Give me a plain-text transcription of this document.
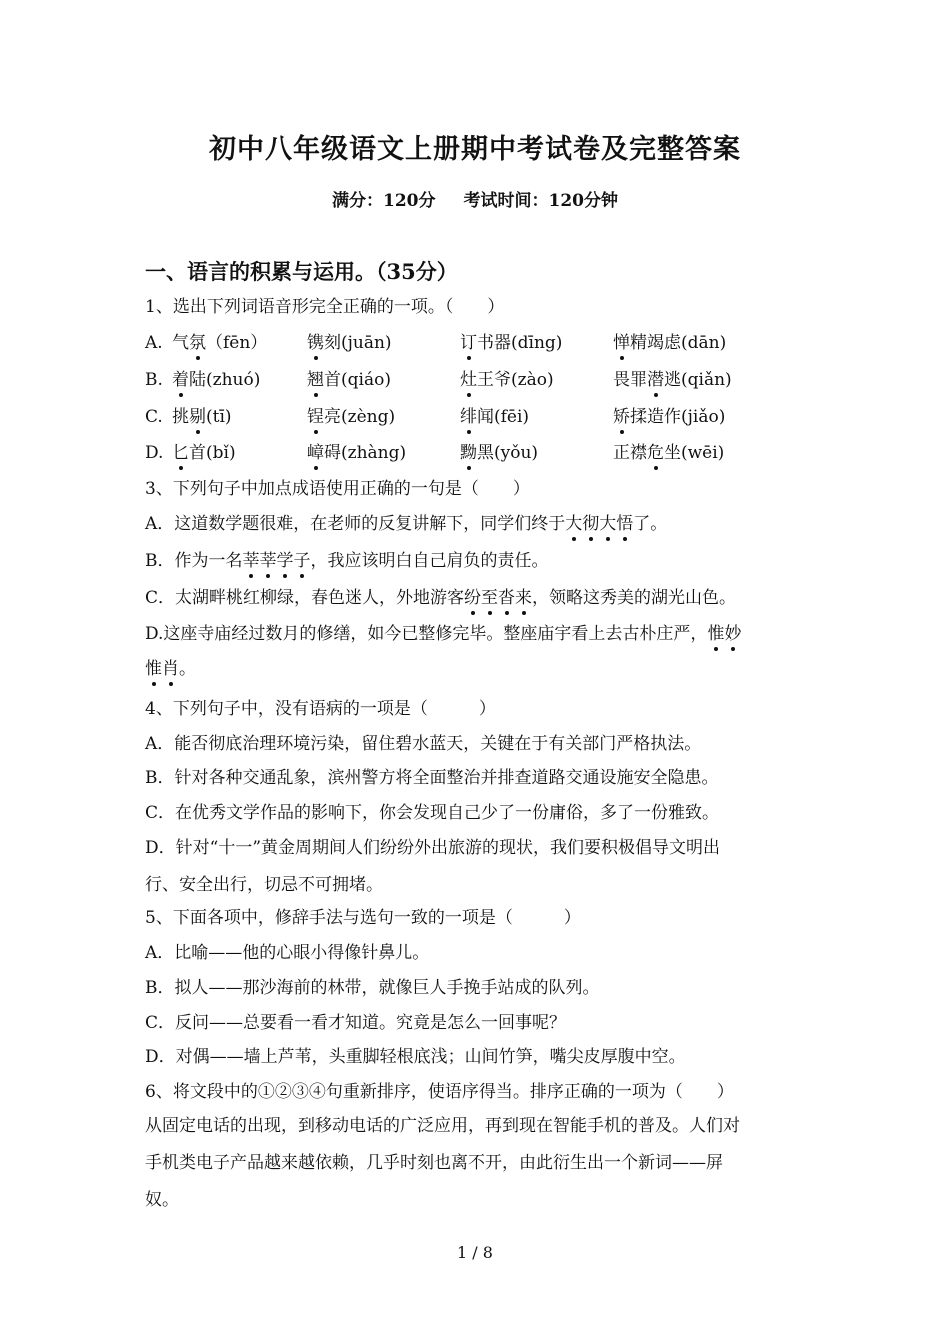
初中八年级语文上册期中考试卷及完整答案
满分：120分 考试时间：120分钟
一、语言的积累与运用。（35分）
1、选出下列词语音形完全正确的一项。（　　）
A. 气氛（fēn） 镌刻(juān)	订书器(dīng)	惮精竭虑(dān)
B. 着陆(zhuó)	翘首(qiáo)	灶王爷(zào)	畏罪潜逃(qiǎn)
C. 挑剔(tī)	锃亮(zèng)	绯闻(fēi)	矫揉造作(jiǎo)
D. 匕首(bǐ)	嶂碍(zhàng)	黝黑(yǒu)	正襟危坐(wēi)
3、下列句子中加点成语使用正确的一句是（　　）
A．这道数学题很难，在老师的反复讲解下，同学们终于大彻大悟了。
B．作为一名莘莘学子，我应该明白自己肩负的责任。
C．太湖畔桃红柳绿，春色迷人，外地游客纷至沓来，领略这秀美的湖光山色。
D.这座寺庙经过数月的修缮，如今已整修完毕。整座庙宇看上去古朴庄严，惟妙
惟肖。
4、下列句子中，没有语病的一项是（　　　）
A．能否彻底治理环境污染，留住碧水蓝天，关键在于有关部门严格执法。
B．针对各种交通乱象，滨州警方将全面整治并排查道路交通设施安全隐患。
C．在优秀文学作品的影响下，你会发现自己少了一份庸俗，多了一份雅致。
D．针对“十一”黄金周期间人们纷纷外出旅游的现状，我们要积极倡导文明出
行、安全出行，切忌不可拥堵。
5、下面各项中，修辞手法与选句一致的一项是（　　　）
A．比喻——他的心眼小得像针鼻儿。
B．拟人——那沙海前的林带，就像巨人手挽手站成的队列。
C．反问——总要看一看才知道。究竟是怎么一回事呢？
D．对偶——墙上芦苇，头重脚轻根底浅；山间竹笋，嘴尖皮厚腹中空。
6、将文段中的①②③④句重新排序，使语序得当。排序正确的一项为（　　）
从固定电话的出现，到移动电话的广泛应用，再到现在智能手机的普及。人们对
手机类电子产品越来越依赖，几乎时刻也离不开，由此衍生出一个新词——屏
奴。
1 / 8
